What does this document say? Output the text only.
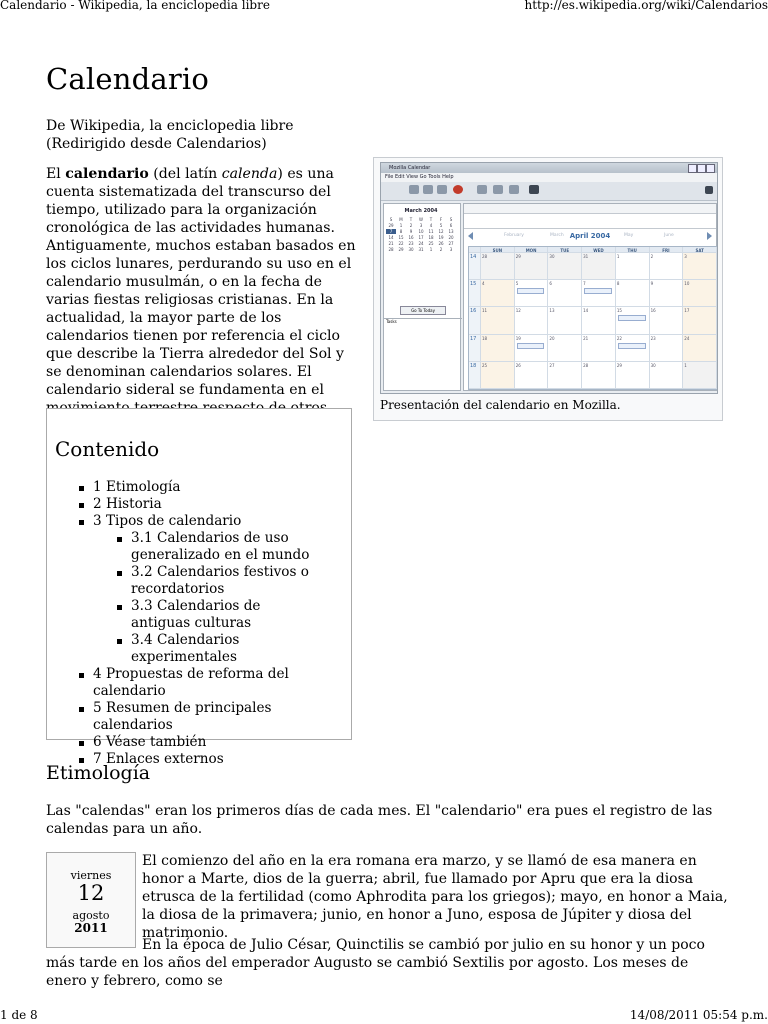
Calendario - Wikipedia, la enciclopedia libre	http://es.wikipedia.org/wiki/Calendarios
Calendario
De Wikipedia, la enciclopedia libre
(Redirigido desde Calendarios)
El calendario (del latín calenda) es una cuenta sistematizada del transcurso del tiempo, utilizado para la organización cronológica de las actividades humanas. Antiguamente, muchos estaban basados en los ciclos lunares, perdurando su uso en el calendario musulmán, o en la fecha de varias fiestas religiosas cristianas. En la actualidad, la mayor parte de los calendarios tienen por referencia el ciclo que describe la Tierra alrededor del Sol y se denominan calendarios solares. El calendario sideral se fundamenta en el
Mozilla Calendar
File Edit View Go Tools Help
March 2004
S	M	T	W	T	F	S
29	1	2	3	4	5	6
7	8	9	10	11	12	13
14	15	16	17	18	19	20
21	22	23	24	25	26	27
28	29	30	31	1	2	3
Go To Today
Tasks
February	March April 2004	May	June
SUN	MON	TUE	WED	THU	FRI	SAT
14	28	29	30	31	1	2	3
15	4	5	6	7	8	9	10
16	11	12	13	14	15	16	17
17	18	19	20	21	22	23	24
18	25	26	27	28	29	30	1
Presentación del calendario en Mozilla.
Contenido
1 Etimología
2 Historia
3 Tipos de calendario
3.1 Calendarios de uso generalizado en el mundo
3.2 Calendarios festivos o recordatorios
3.3 Calendarios de antiguas culturas
3.4 Calendarios experimentales
4 Propuestas de reforma del calendario
5 Resumen de principales calendarios
6 Véase también
7 Enlaces externos
Etimología
Las "calendas" eran los primeros días de cada mes. El "calendario" era pues el registro de las calendas para un año.
viernes
12
agosto
2011
El comienzo del año en la era romana era marzo, y se llamó de esa manera en honor a Marte, dios de la guerra; abril, fue llamado por Apru que era la diosa etrusca de la fertilidad (como Aphrodita para los griegos); mayo, en honor a Maia, la diosa de la primavera; junio, en honor a Juno, esposa de Júpiter y diosa del matrimonio.
En la época de Julio César, Quinctilis se cambió por julio en su honor y un poco más tarde en los años del emperador Augusto se cambió Sextilis por agosto. Los meses de enero y febrero, como se
1 de 8	14/08/2011 05:54 p.m.
